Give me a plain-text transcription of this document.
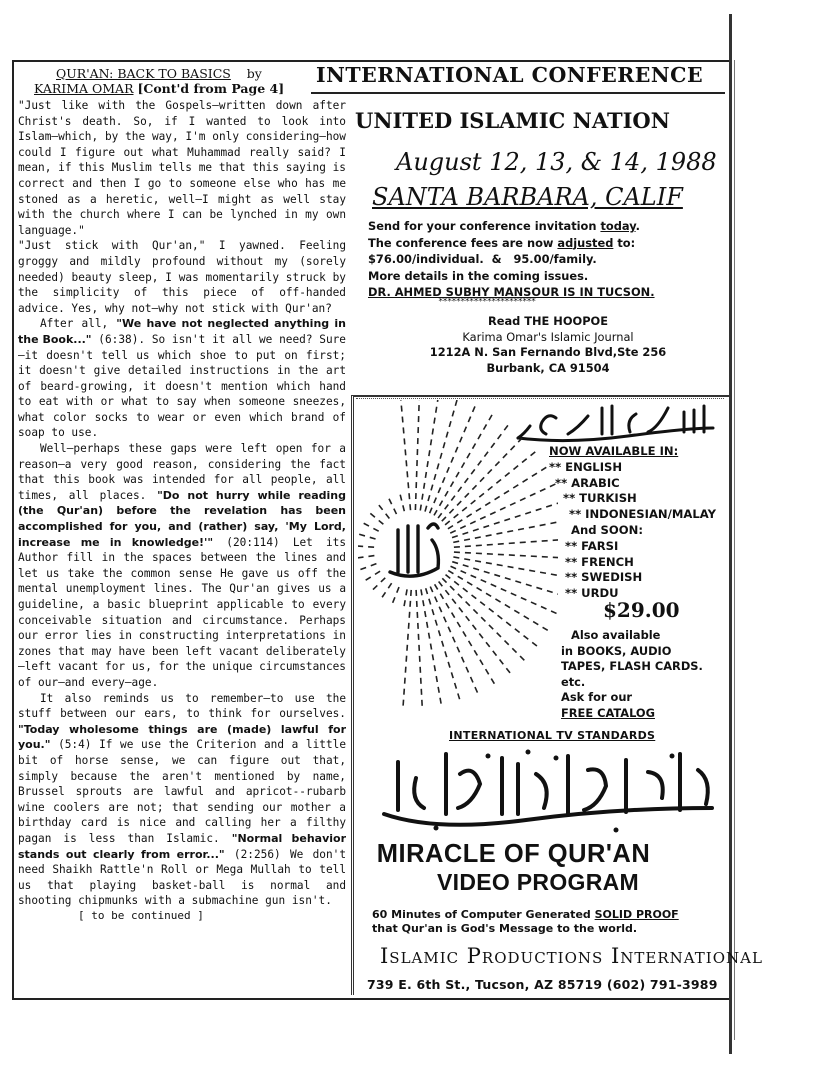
QUR'AN: BACK TO BASICS by
KARIMA OMAR [Cont'd from Page 4]

"Just like with the Gospels—written down after Christ's death. So, if I wanted to look into Islam—which, by the way, I'm only considering—how could I figure out what Muhammad really said? I mean, if this Muslim tells me that this saying is correct and then I go to someone else who has me stoned as a heretic, well—I might as well stay with the church where I can be lynched in my own language."

"Just stick with Qur'an," I yawned. Feeling groggy and mildly profound without my (sorely needed) beauty sleep, I was momentarily struck by the simplicity of this piece of off-handed advice. Yes, why not—why not stick with Qur'an?

After all, "We have not neglected anything in the Book..." (6:38). So isn't it all we need? Sure—it doesn't tell us which shoe to put on first; it doesn't give detailed instructions in the art of beard-growing, it doesn't mention which hand to eat with or what to say when someone sneezes, what color socks to wear or even which brand of soap to use.

Well—perhaps these gaps were left open for a reason—a very good reason, considering the fact that this book was intended for all people, all times, all places. "Do not hurry while reading (the Qur'an) before the revelation has been accomplished for you, and (rather) say, 'My Lord, increase me in knowledge!'" (20:114) Let its Author fill in the spaces between the lines and let us take the common sense He gave us off the mental unemployment lines. The Qur'an gives us a guideline, a basic blueprint applicable to every conceivable situation and circumstance. Perhaps our error lies in constructing interpretations in zones that may have been left vacant deliberately—left vacant for us, for the unique circumstances of our—and every—age.

It also reminds us to remember—to use the stuff between our ears, to think for ourselves. "Today wholesome things are (made) lawful for you." (5:4) If we use the Criterion and a little bit of horse sense, we can figure out that, simply because the aren't mentioned by name, Brussel sprouts are lawful and apricot--rubarb wine coolers are not; that sending our mother a birthday card is nice and calling her a filthy pagan is less than Islamic. "Normal behavior stands out clearly from error..." (2:256) We don't need Shaikh Rattle'n Roll or Mega Mullah to tell us that playing basket-ball is normal and shooting chipmunks with a submachine gun isn't.

[ to be continued ]
INTERNATIONAL CONFERENCE
UNITED ISLAMIC NATION
August 12, 13, & 14, 1988
SANTA BARBARA, CALIF
Send for your conference invitation today.
The conference fees are now adjusted to:
$76.00/individual.  &   95.00/family.
More details in the coming issues.
DR. AHMED SUBHY MANSOUR IS IN TUCSON.
**********************
Read THE HOOPOE
Karima Omar's Islamic Journal
1212A N. San Fernando Blvd,Ste 256
Burbank, CA 91504
NOW AVAILABLE IN:
** ENGLISH
** ARABIC
** TURKISH
** INDONESIAN/MALAY
And SOON:
** FARSI
** FRENCH
** SWEDISH
** URDU
$29.00
Also available
in BOOKS, AUDIO
TAPES, FLASH CARDS.
etc.
Ask for our
FREE CATALOG
INTERNATIONAL TV STANDARDS
MIRACLE OF QUR'AN
VIDEO PROGRAM
60 Minutes of Computer Generated SOLID PROOF
that Qur'an is God's Message to the world.
Islamic Productions International
739 E. 6th St., Tucson, AZ 85719 (602) 791-3989
